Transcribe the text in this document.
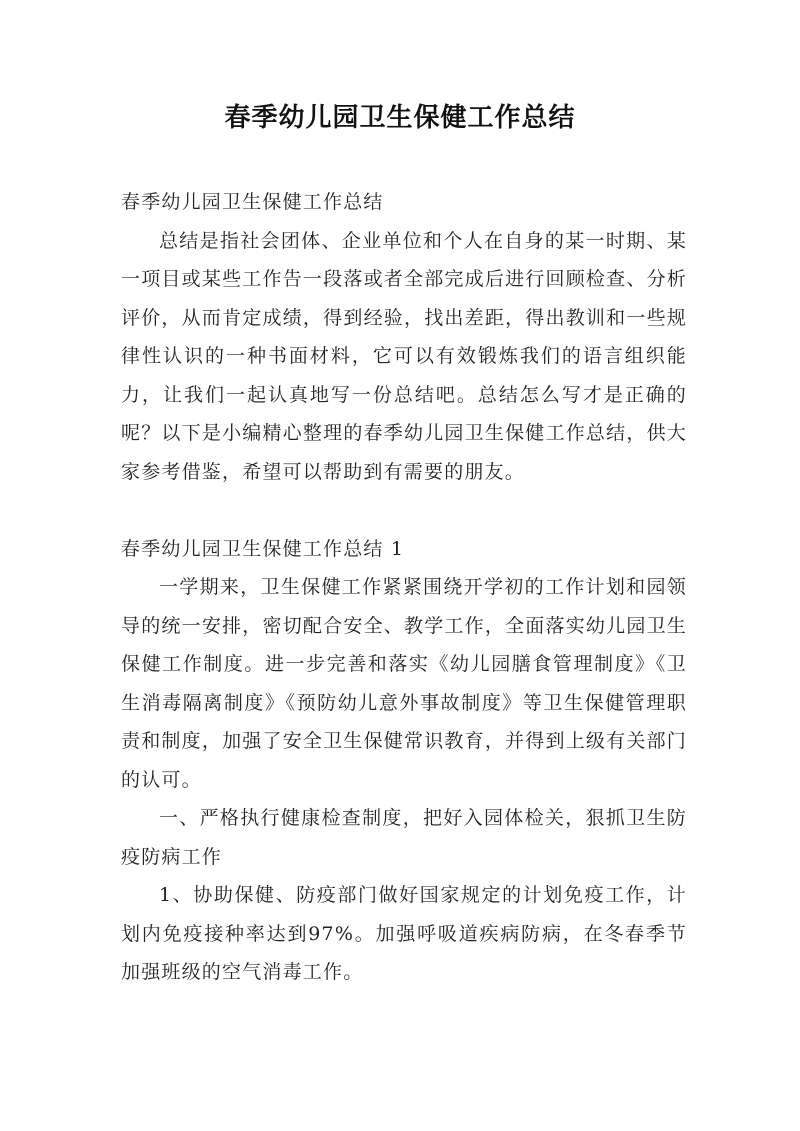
春季幼儿园卫生保健工作总结

春季幼儿园卫生保健工作总结

总结是指社会团体、企业单位和个人在自身的某一时期、某一项目或某些工作告一段落或者全部完成后进行回顾检查、分析评价，从而肯定成绩，得到经验，找出差距，得出教训和一些规律性认识的一种书面材料，它可以有效锻炼我们的语言组织能力，让我们一起认真地写一份总结吧。总结怎么写才是正确的呢？以下是小编精心整理的春季幼儿园卫生保健工作总结，供大家参考借鉴，希望可以帮助到有需要的朋友。

春季幼儿园卫生保健工作总结 1

一学期来，卫生保健工作紧紧围绕开学初的工作计划和园领导的统一安排，密切配合安全、教学工作，全面落实幼儿园卫生保健工作制度。进一步完善和落实《幼儿园膳食管理制度》《卫生消毒隔离制度》《预防幼儿意外事故制度》等卫生保健管理职责和制度，加强了安全卫生保健常识教育，并得到上级有关部门的认可。

一、严格执行健康检查制度，把好入园体检关，狠抓卫生防疫防病工作

1、协助保健、防疫部门做好国家规定的计划免疫工作，计划内免疫接种率达到97%。加强呼吸道疾病防病，在冬春季节加强班级的空气消毒工作。
